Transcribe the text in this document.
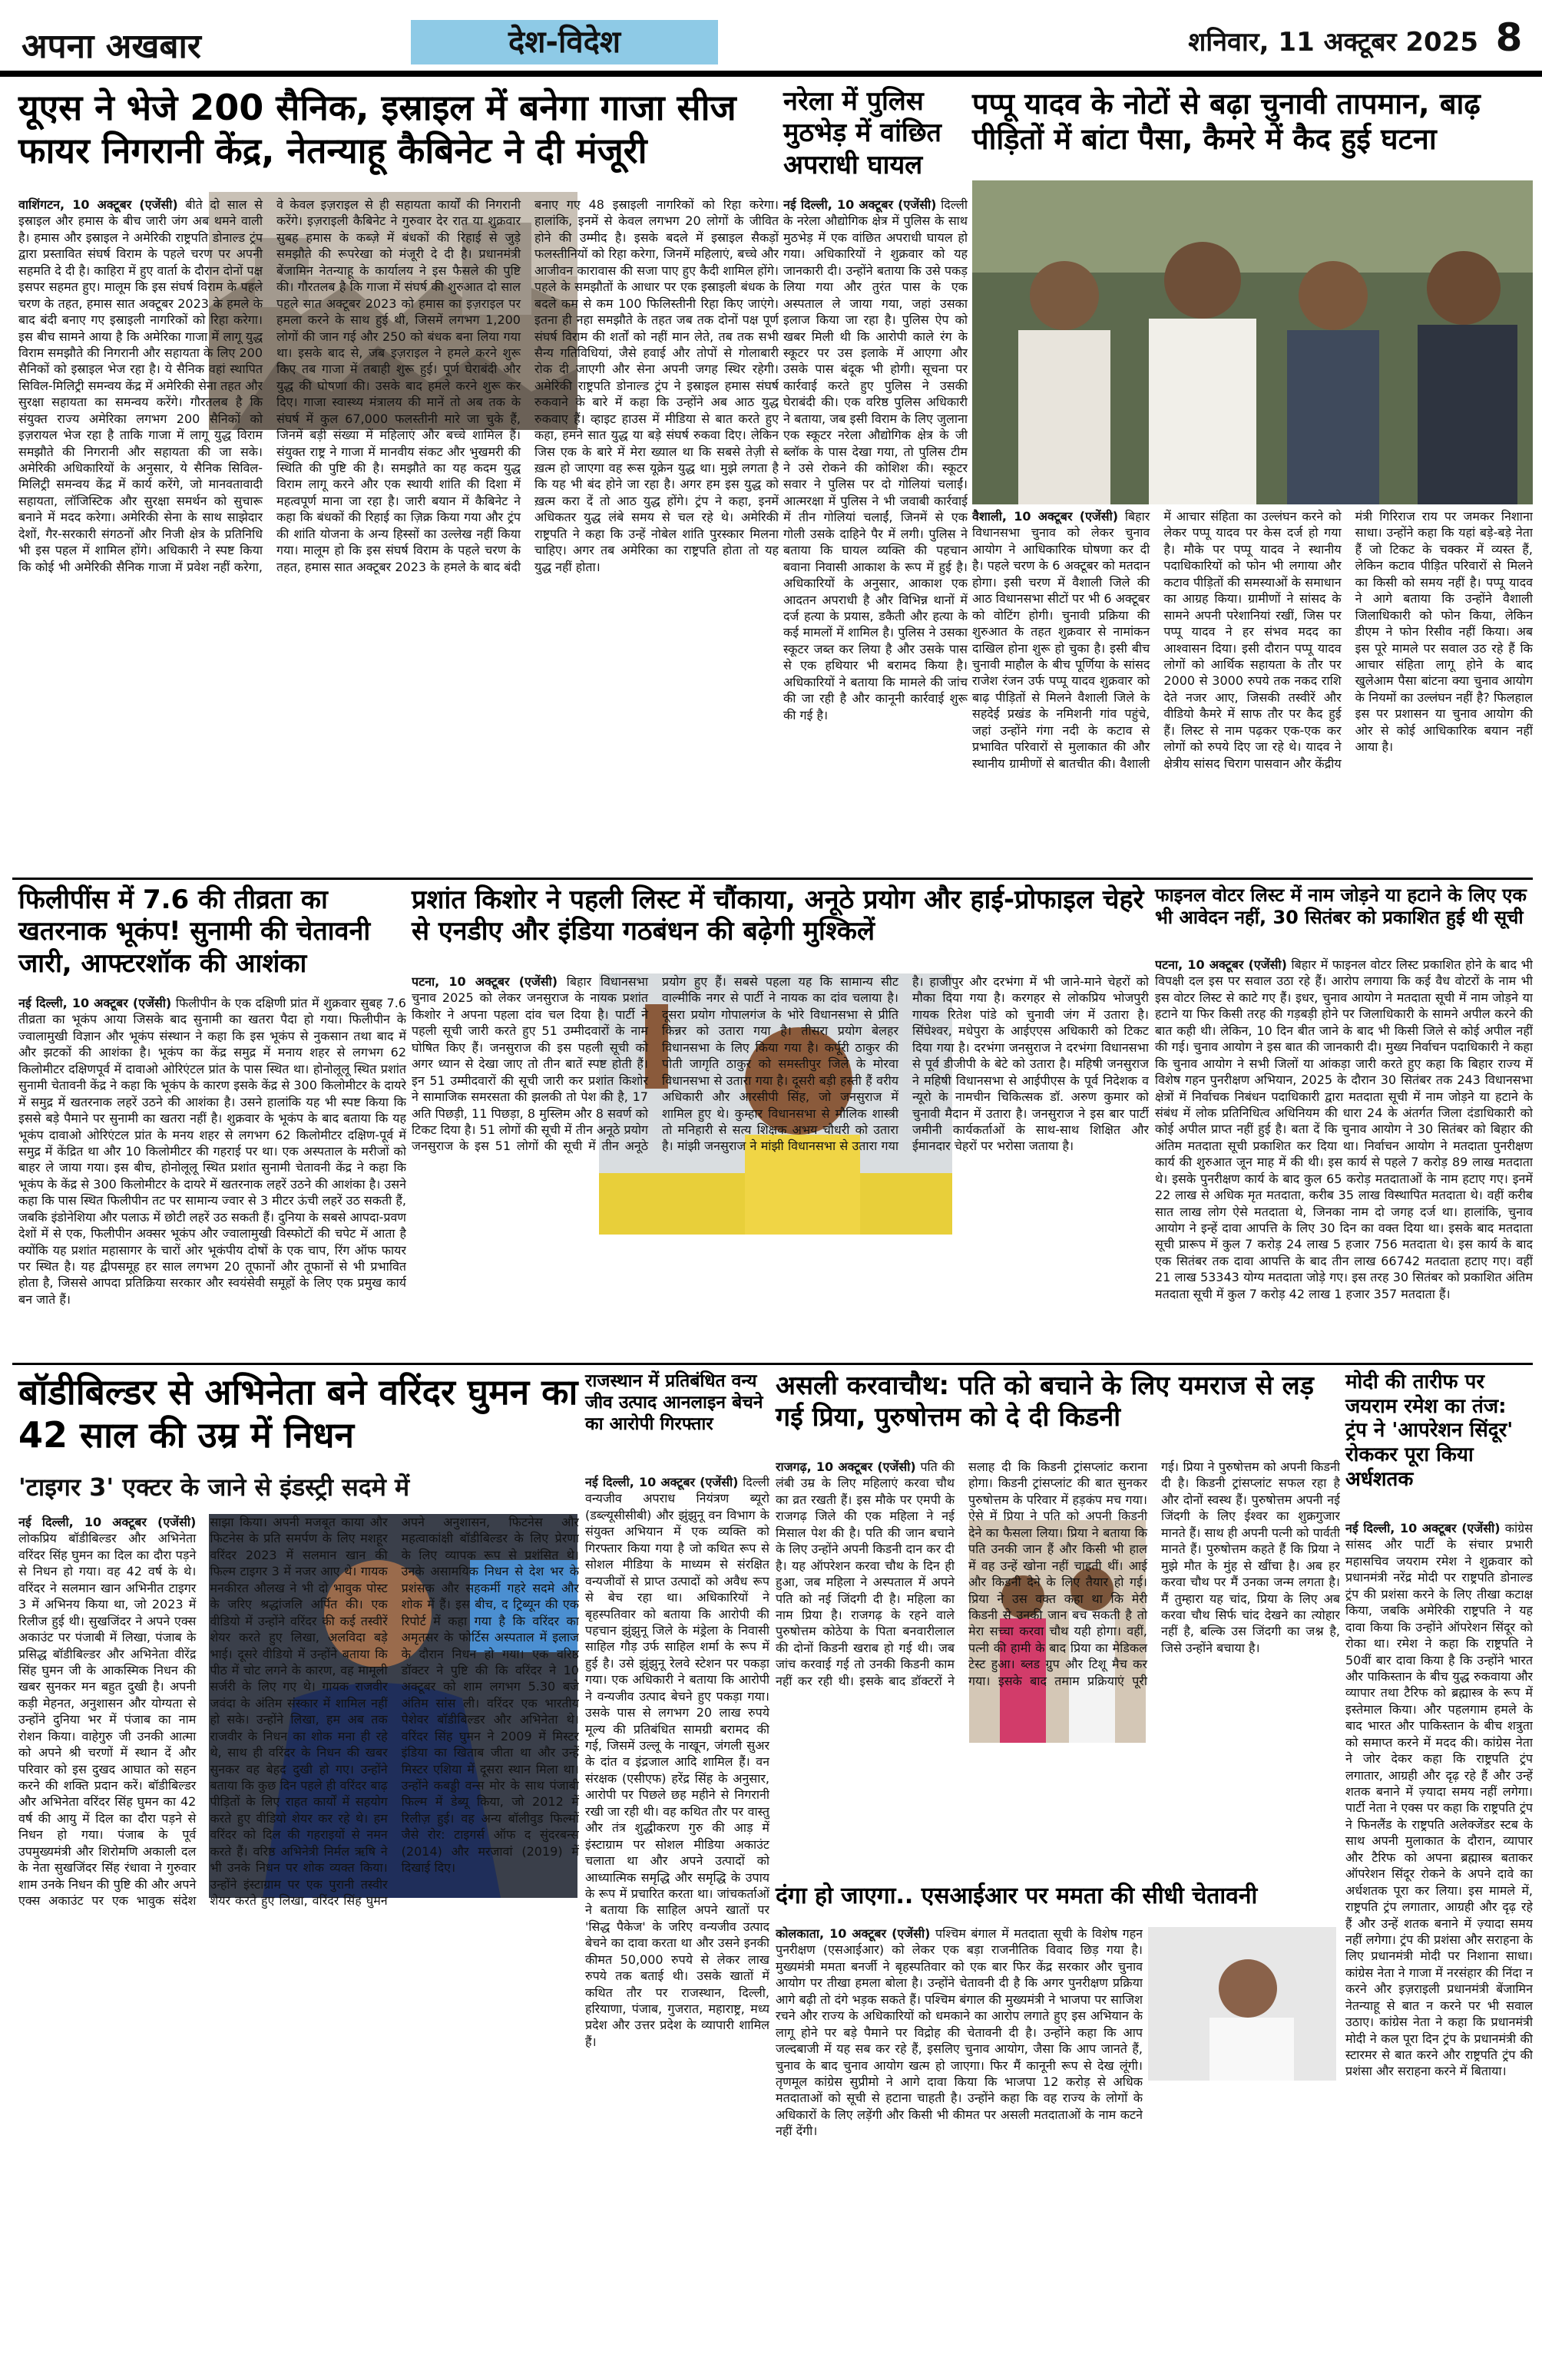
अपना अखबार	देश-विदेश	शनिवार, 11 अक्टूबर 2025 8
यूएस ने भेजे 200 सैनिक, इस्राइल में बनेगा गाजा सीज फायर निगरानी केंद्र, नेतन्याहू कैबिनेट ने दी मंजूरी
वाशिंगटन, 10 अक्टूबर (एजेंसी) बीते दो साल से इस्राइल और हमास के बीच जारी जंग अब थमने वाली है। हमास और इस्राइल ने अमेरिकी राष्ट्रपति डोनाल्ड ट्रंप द्वारा प्रस्तावित संघर्ष विराम के पहले चरण पर अपनी सहमति दे दी है। काहिरा में हुए वार्ता के दौरान दोनों पक्ष इसपर सहमत हुए। मालूम कि इस संघर्ष विराम के पहले चरण के तहत, हमास सात अक्टूबर 2023 के हमले के बाद बंदी बनाए गए इस्राइली नागरिकों को रिहा करेगा। इस बीच सामने आया है कि अमेरिका गाजा में लागू युद्ध विराम समझौते की निगरानी और सहायता के लिए 200 सैनिकों को इस्राइल भेज रहा है। ये सैनिक वहां स्थापित सिविल-मिलिट्री समन्वय केंद्र में अमेरिकी सेना तहत और सुरक्षा सहायता का समन्वय करेंगे। गौरतलब है कि संयुक्त राज्य अमेरिका लगभग 200 सैनिकों को इज़रायल भेज रहा है ताकि गाजा में लागू युद्ध विराम समझौते की निगरानी और सहायता की जा सके। अमेरिकी अधिकारियों के अनुसार, ये सैनिक सिविल-मिलिट्री समन्वय केंद्र में कार्य करेंगे, जो मानवतावादी सहायता, लॉजिस्टिक और सुरक्षा समर्थन को सुचारू बनाने में मदद करेगा। अमेरिकी सेना के साथ साझेदार देशों, गैर-सरकारी संगठनों और निजी क्षेत्र के प्रतिनिधि भी इस पहल में शामिल होंगे। अधिकारी ने स्पष्ट किया कि कोई भी अमेरिकी सैनिक गाजा में प्रवेश नहीं करेगा, वे केवल इज़राइल से ही सहायता कार्यों की निगरानी करेंगे। इज़राइली कैबिनेट ने गुरुवार देर रात या शुक्रवार सुबह हमास के कब्ज़े में बंधकों की रिहाई से जुड़े समझौते की रूपरेखा को मंजूरी दे दी है। प्रधानमंत्री बेंजामिन नेतन्याहू के कार्यालय ने इस फैसले की पुष्टि की। गौरतलब है कि गाजा में संघर्ष की शुरुआत दो साल पहले सात अक्टूबर 2023 को हमास का इज़राइल पर हमला करने के साथ हुई थी, जिसमें लगभग 1,200 लोगों की जान गई और 250 को बंधक बना लिया गया था। इसके बाद से, जब इज़राइल ने हमले करने शुरू किए तब गाजा में तबाही शुरू हुई। पूर्ण घेराबंदी और युद्ध की घोषणा की। उसके बाद हमले करने शुरू कर दिए। गाजा स्वास्थ्य मंत्रालय की मानें तो अब तक के संघर्ष में कुल 67,000 फलस्तीनी मारे जा चुके हैं, जिनमें बड़ी संख्या में महिलाएं और बच्चे शामिल हैं। संयुक्त राष्ट्र ने गाजा में मानवीय संकट और भुखमरी की स्थिति की पुष्टि की है। समझौते का यह कदम युद्ध विराम लागू करने और एक स्थायी शांति की दिशा में महत्वपूर्ण माना जा रहा है। जारी बयान में कैबिनेट ने कहा कि बंधकों की रिहाई का ज़िक्र किया गया और ट्रंप की शांति योजना के अन्य हिस्सों का उल्लेख नहीं किया गया। मालूम हो कि इस संघर्ष विराम के पहले चरण के तहत, हमास सात अक्टूबर 2023 के हमले के बाद बंदी बनाए गए 48 इस्राइली नागरिकों को रिहा करेगा। हालांकि, इनमें से केवल लगभग 20 लोगों के जीवित होने की उम्मीद है। इसके बदले में इस्राइल सैकड़ों फलस्तीनियों को रिहा करेगा, जिनमें महिलाएं, बच्चे और आजीवन कारावास की सजा पाए हुए कैदी शामिल होंगे। पहले के समझौतों के आधार पर एक इस्राइली बंधक के बदले कम से कम 100 फिलिस्तीनी रिहा किए जाएंगे। इतना ही नहा समझौते के तहत जब तक दोनों पक्ष पूर्ण संघर्ष विराम की शर्तों को नहीं मान लेते, तब तक सभी सैन्य गतिविधियां, जैसे हवाई और तोपों से गोलाबारी रोक दी जाएगी और सेना अपनी जगह स्थिर रहेगी। अमेरिकी राष्ट्रपति डोनाल्ड ट्रंप ने इस्राइल हमास संघर्ष रुकवाने के बारे में कहा कि उन्होंने अब आठ युद्ध रुकवाए हैं। व्हाइट हाउस में मीडिया से बात करते हुए कहा, हमने सात युद्ध या बड़े संघर्ष रुकवा दिए। लेकिन जिस एक के बारे में मेरा ख्याल था कि सबसे तेज़ी से ख़त्म हो जाएगा वह रूस यूक्रेन युद्ध था। मुझे लगता है कि यह भी बंद होने जा रहा है। अगर हम इस युद्ध को ख़त्म करा दें तो आठ युद्ध होंगे। ट्रंप ने कहा, इनमें अधिकतर युद्ध लंबे समय से चल रहे थे। अमेरिकी राष्ट्रपति ने कहा कि उन्हें नोबेल शांति पुरस्कार मिलना चाहिए। अगर तब अमेरिका का राष्ट्रपति होता तो यह युद्ध नहीं होता।
नरेला में पुलिस मुठभेड़ में वांछित अपराधी घायल
नई दिल्ली, 10 अक्टूबर (एजेंसी) दिल्ली के नरेला औद्योगिक क्षेत्र में पुलिस के साथ मुठभेड़ में एक वांछित अपराधी घायल हो गया। अधिकारियों ने शुक्रवार को यह जानकारी दी। उन्होंने बताया कि उसे पकड़ लिया गया और तुरंत पास के एक अस्पताल ले जाया गया, जहां उसका इलाज किया जा रहा है। पुलिस ऐप को खबर मिली थी कि आरोपी काले रंग के स्कूटर पर उस इलाके में आएगा और उसके पास बंदूक भी होगी। सूचना पर कार्रवाई करते हुए पुलिस ने उसकी घेराबंदी की। एक वरिष्ठ पुलिस अधिकारी ने बताया, जब इसी विराम के लिए जुलाना एक स्कूटर नरेला औद्योगिक क्षेत्र के जी ब्लॉक के पास देखा गया, तो पुलिस टीम ने उसे रोकने की कोशिश की। स्कूटर सवार ने पुलिस पर दो गोलियां चलाईं। आत्मरक्षा में पुलिस ने भी जवाबी कार्रवाई में तीन गोलियां चलाईं, जिनमें से एक गोली उसके दाहिने पैर में लगी। पुलिस ने बताया कि घायल व्यक्ति की पहचान बवाना निवासी आकाश के रूप में हुई है। अधिकारियों के अनुसार, आकाश एक आदतन अपराधी है और विभिन्न थानों में दर्ज हत्या के प्रयास, डकैती और हत्या के कई मामलों में शामिल है। पुलिस ने उसका स्कूटर जब्त कर लिया है और उसके पास से एक हथियार भी बरामद किया है। अधिकारियों ने बताया कि मामले की जांच की जा रही है और कानूनी कार्रवाई शुरू की गई है।
पप्पू यादव के नोटों से बढ़ा चुनावी तापमान, बाढ़ पीड़ितों में बांटा पैसा, कैमरे में कैद हुई घटना
वैशाली, 10 अक्टूबर (एजेंसी) बिहार विधानसभा चुनाव को लेकर चुनाव आयोग ने आधिकारिक घोषणा कर दी है। पहले चरण के 6 अक्टूबर को मतदान होगा। इसी चरण में वैशाली जिले की आठ विधानसभा सीटों पर भी 6 अक्टूबर को वोटिंग होगी। चुनावी प्रक्रिया की शुरुआत के तहत शुक्रवार से नामांकन दाखिल होना शुरू हो चुका है। इसी बीच चुनावी माहौल के बीच पूर्णिया के सांसद राजेश रंजन उर्फ पप्पू यादव शुक्रवार को बाढ़ पीड़ितों से मिलने वैशाली जिले के सहदेई प्रखंड के नमिशनी गांव पहुंचे, जहां उन्होंने गंगा नदी के कटाव से प्रभावित परिवारों से मुलाकात की और स्थानीय ग्रामीणों से बातचीत की। वैशाली में आचार संहिता का उल्लंघन करने को लेकर पप्पू यादव पर केस दर्ज हो गया है। मौके पर पप्पू यादव ने स्थानीय पदाधिकारियों को फोन भी लगाया और कटाव पीड़ितों की समस्याओं के समाधान का आग्रह किया। ग्रामीणों ने सांसद के सामने अपनी परेशानियां रखीं, जिस पर पप्पू यादव ने हर संभव मदद का आश्वासन दिया। इसी दौरान पप्पू यादव लोगों को आर्थिक सहायता के तौर पर 2000 से 3000 रुपये तक नकद राशि देते नजर आए, जिसकी तस्वीरें और वीडियो कैमरे में साफ तौर पर कैद हुई हैं। लिस्ट से नाम पढ़कर एक-एक कर लोगों को रुपये दिए जा रहे थे। यादव ने क्षेत्रीय सांसद चिराग पासवान और केंद्रीय मंत्री गिरिराज राय पर जमकर निशाना साधा। उन्होंने कहा कि यहां बड़े-बड़े नेता हैं जो टिकट के चक्कर में व्यस्त हैं, लेकिन कटाव पीड़ित परिवारों से मिलने का किसी को समय नहीं है। पप्पू यादव ने आगे बताया कि उन्होंने वैशाली जिलाधिकारी को फोन किया, लेकिन डीएम ने फोन रिसीव नहीं किया। अब इस पूरे मामले पर सवाल उठ रहे हैं कि आचार संहिता लागू होने के बाद खुलेआम पैसा बांटना क्या चुनाव आयोग के नियमों का उल्लंघन नहीं है? फिलहाल इस पर प्रशासन या चुनाव आयोग की ओर से कोई आधिकारिक बयान नहीं आया है।
फिलीपींस में 7.6 की तीव्रता का खतरनाक भूकंप! सुनामी की चेतावनी जारी, आफ्टरशॉक की आशंका
नई दिल्ली, 10 अक्टूबर (एजेंसी) फिलीपीन के एक दक्षिणी प्रांत में शुक्रवार सुबह 7.6 तीव्रता का भूकंप आया जिसके बाद सुनामी का खतरा पैदा हो गया। फिलीपीन के ज्वालामुखी विज्ञान और भूकंप संस्थान ने कहा कि इस भूकंप से नुकसान तथा बाद में और झटकों की आशंका है। भूकंप का केंद्र समुद्र में मनाय शहर से लगभग 62 किलोमीटर दक्षिणपूर्व में दावाओ ओरिएंटल प्रांत के पास स्थित था। होनोलूलू स्थित प्रशांत सुनामी चेतावनी केंद्र ने कहा कि भूकंप के कारण इसके केंद्र से 300 किलोमीटर के दायरे में समुद्र में खतरनाक लहरें उठने की आशंका है। उसने हालांकि यह भी स्पष्ट किया कि इससे बड़े पैमाने पर सुनामी का खतरा नहीं है। शुक्रवार के भूकंप के बाद बताया कि यह भूकंप दावाओ ओरिएंटल प्रांत के मनय शहर से लगभग 62 किलोमीटर दक्षिण-पूर्व में समुद्र में केंद्रित था और 10 किलोमीटर की गहराई पर था। एक अस्पताल के मरीजों को बाहर ले जाया गया। इस बीच, होनोलूलू स्थित प्रशांत सुनामी चेतावनी केंद्र ने कहा कि भूकंप के केंद्र से 300 किलोमीटर के दायरे में खतरनाक लहरें उठने की आशंका है। उसने कहा कि पास स्थित फिलीपीन तट पर सामान्य ज्वार से 3 मीटर ऊंची लहरें उठ सकती हैं, जबकि इंडोनेशिया और पलाऊ में छोटी लहरें उठ सकती हैं। दुनिया के सबसे आपदा-प्रवण देशों में से एक, फिलीपीन अक्सर भूकंप और ज्वालामुखी विस्फोटों की चपेट में आता है क्योंकि यह प्रशांत महासागर के चारों ओर भूकंपीय दोषों के एक चाप, रिंग ऑफ फायर पर स्थित है। यह द्वीपसमूह हर साल लगभग 20 तूफानों और तूफानों से भी प्रभावित होता है, जिससे आपदा प्रतिक्रिया सरकार और स्वयंसेवी समूहों के लिए एक प्रमुख कार्य बन जाते हैं।
प्रशांत किशोर ने पहली लिस्ट में चौंकाया, अनूठे प्रयोग और हाई-प्रोफाइल चेहरे से एनडीए और इंडिया गठबंधन की बढ़ेगी मुश्किलें
पटना, 10 अक्टूबर (एजेंसी) बिहार विधानसभा चुनाव 2025 को लेकर जनसुराज के नायक प्रशांत किशोर ने अपना पहला दांव चल दिया है। पार्टी ने पहली सूची जारी करते हुए 51 उम्मीदवारों के नाम घोषित किए हैं। जनसुराज की इस पहली सूची को अगर ध्यान से देखा जाए तो तीन बातें स्पष्ट होती हैं। इन 51 उम्मीदवारों की सूची जारी कर प्रशांत किशोर ने सामाजिक समरसता की झलकी तो पेश की है, 17 अति पिछड़ी, 11 पिछड़ा, 8 मुस्लिम और 8 सवर्ण को टिकट दिया है। 51 लोगों की सूची में तीन अनूठे प्रयोग जनसुराज के इस 51 लोगों की सूची में तीन अनूठे प्रयोग हुए हैं। सबसे पहला यह कि सामान्य सीट वाल्मीकि नगर से पार्टी ने नायक का दांव चलाया है। दूसरा प्रयोग गोपालगंज के भोरे विधानसभा से प्रीति किन्नर को उतारा गया है। तीसरा प्रयोग बेलहर विधानसभा के लिए किया गया है। कर्पूरी ठाकुर की पोती जागृति ठाकुर को समस्तीपुर जिले के मोरवा विधानसभा से उतारा गया है। दूसरी बड़ी हस्ती हैं वरीय अधिकारी और आरसीपी सिंह, जो जनसुराज में शामिल हुए थे। कुम्हार विधानसभा से मौलिक शास्त्री तो मनिहारी से सत्य शिक्षक अभय चौधरी को उतारा है। मांझी जनसुराज ने मांझी विधानसभा से उतारा गया है। हाजीपुर और दरभंगा में भी जाने-माने चेहरों को मौका दिया गया है। करगहर से लोकप्रिय भोजपुरी गायक रितेश पांडे को चुनावी जंग में उतारा है। सिंघेश्वर, मधेपुरा के आईएएस अधिकारी को टिकट दिया गया है। दरभंगा जनसुराज ने दरभंगा विधानसभा से पूर्व डीजीपी के बेटे को उतारा है। महिषी जनसुराज ने महिषी विधानसभा से आईपीएस के पूर्व निदेशक व न्यूरो के नामचीन चिकित्सक डॉ. अरुण कुमार को चुनावी मैदान में उतारा है। जनसुराज ने इस बार पार्टी जमीनी कार्यकर्ताओं के साथ-साथ शिक्षित और ईमानदार चेहरों पर भरोसा जताया है।
फाइनल वोटर लिस्ट में नाम जोड़ने या हटाने के लिए एक भी आवेदन नहीं, 30 सितंबर को प्रकाशित हुई थी सूची
पटना, 10 अक्टूबर (एजेंसी) बिहार में फाइनल वोटर लिस्ट प्रकाशित होने के बाद भी विपक्षी दल इस पर सवाल उठा रहे हैं। आरोप लगाया कि कई वैध वोटरों के नाम भी इस वोटर लिस्ट से काटे गए हैं। इधर, चुनाव आयोग ने मतदाता सूची में नाम जोड़ने या हटाने या फिर किसी तरह की गड़बड़ी होने पर जिलाधिकारी के सामने अपील करने की बात कही थी। लेकिन, 10 दिन बीत जाने के बाद भी किसी जिले से कोई अपील नहीं की गई। चुनाव आयोग ने इस बात की जानकारी दी। मुख्य निर्वाचन पदाधिकारी ने कहा कि चुनाव आयोग ने सभी जिलों या आंकड़ा जारी करते हुए कहा कि बिहार राज्य में विशेष गहन पुनरीक्षण अभियान, 2025 के दौरान 30 सितंबर तक 243 विधानसभा क्षेत्रों में निर्वाचक निबंधन पदाधिकारी द्वारा मतदाता सूची में नाम जोड़ने या हटाने के संबंध में लोक प्रतिनिधित्व अधिनियम की धारा 24 के अंतर्गत जिला दंडाधिकारी को कोई अपील प्राप्त नहीं हुई है। बता दें कि चुनाव आयोग ने 30 सितंबर को बिहार की अंतिम मतदाता सूची प्रकाशित कर दिया था। निर्वाचन आयोग ने मतदाता पुनरीक्षण कार्य की शुरुआत जून माह में की थी। इस कार्य से पहले 7 करोड़ 89 लाख मतदाता थे। इसके पुनरीक्षण कार्य के बाद कुल 65 करोड़ मतदाताओं के नाम हटाए गए। इनमें 22 लाख से अधिक मृत मतदाता, करीब 35 लाख विस्थापित मतदाता थे। वहीं करीब सात लाख लोग ऐसे मतदाता थे, जिनका नाम दो जगह दर्ज था। हालांकि, चुनाव आयोग ने इन्हें दावा आपत्ति के लिए 30 दिन का वक्त दिया था। इसके बाद मतदाता सूची प्रारूप में कुल 7 करोड़ 24 लाख 5 हजार 756 मतदाता थे। इस कार्य के बाद एक सितंबर तक दावा आपत्ति के बाद तीन लाख 66742 मतदाता हटाए गए। वहीं 21 लाख 53343 योग्य मतदाता जोड़े गए। इस तरह 30 सितंबर को प्रकाशित अंतिम मतदाता सूची में कुल 7 करोड़ 42 लाख 1 हजार 357 मतदाता हैं।
बॉडीबिल्डर से अभिनेता बने वरिंदर घुमन का 42 साल की उम्र में निधन
'टाइगर 3' एक्टर के जाने से इंडस्ट्री सदमे में
नई दिल्ली, 10 अक्टूबर (एजेंसी) लोकप्रिय बॉडीबिल्डर और अभिनेता वरिंदर सिंह घुमन का दिल का दौरा पड़ने से निधन हो गया। वह 42 वर्ष के थे। वरिंदर ने सलमान खान अभिनीत टाइगर 3 में अभिनय किया था, जो 2023 में रिलीज हुई थी। सुखजिंदर ने अपने एक्स अकाउंट पर पंजाबी में लिखा, पंजाब के प्रसिद्ध बॉडीबिल्डर और अभिनेता वीरेंद्र सिंह घुमन जी के आकस्मिक निधन की खबर सुनकर मन बहुत दुखी है। अपनी कड़ी मेहनत, अनुशासन और योग्यता से उन्होंने दुनिया भर में पंजाब का नाम रोशन किया। वाहेगुरु जी उनकी आत्मा को अपने श्री चरणों में स्थान दें और परिवार को इस दुखद आघात को सहन करने की शक्ति प्रदान करें। बॉडीबिल्डर और अभिनेता वरिंदर सिंह घुमन का 42 वर्ष की आयु में दिल का दौरा पड़ने से निधन हो गया। पंजाब के पूर्व उपमुख्यमंत्री और शिरोमणि अकाली दल के नेता सुखजिंदर सिंह रंधावा ने गुरुवार शाम उनके निधन की पुष्टि की और अपने एक्स अकाउंट पर एक भावुक संदेश साझा किया। अपनी मजबूत काया और फिटनेस के प्रति समर्पण के लिए मशहूर वरिंदर 2023 में सलमान खान की फिल्म टाइगर 3 में नजर आए थे। गायक मनकीरत औलख ने भी दो भावुक पोस्ट के जरिए श्रद्धांजलि अर्पित की। एक वीडियो में उन्होंने वरिंदर की कई तस्वीरें शेयर करते हुए लिखा, अलविदा बड़े भाई। दूसरे वीडियो में उन्होंने बताया कि पीठ में चोट लगने के कारण, वह मामूली सर्जरी के लिए गए थे। गायक राजवीर जवंदा के अंतिम संस्कार में शामिल नहीं हो सके। उन्होंने लिखा, हम अब तक राजवीर के निधन का शोक मना ही रहे थे, साथ ही वरिंदर के निधन की खबर सुनकर वह बेहद दुखी हो गए। उन्होंने बताया कि कुछ दिन पहले ही वरिंदर बाढ़ पीड़ितों के लिए राहत कार्यों में सहयोग करते हुए वीडियो शेयर कर रहे थे। हम वरिंदर को दिल की गहराइयों से नमन करते हैं। वरिष्ठ अभिनेत्री निर्मल ऋषि ने भी उनके निधन पर शोक व्यक्त किया। उन्होंने इंस्टाग्राम पर एक पुरानी तस्वीर शेयर करते हुए लिखा, वरिंदर सिंह घुमन अपने अनुशासन, फिटनेस और महत्वाकांक्षी बॉडीबिल्डर के लिए प्रेरणा के लिए व्यापक रूप से प्रशंसित थे। उनके असामयिक निधन से देश भर के प्रशंसक और सहकर्मी गहरे सदमे और शोक में हैं। इस बीच, द ट्रिब्यून की एक रिपोर्ट में कहा गया है कि वरिंदर का अमृतसर के फोर्टिस अस्पताल में इलाज के दौरान निधन हो गया। एक वरिष्ठ डॉक्टर ने पुष्टि की कि वरिंदर ने 10 अक्टूबर को शाम लगभग 5.30 बजे अंतिम सांस ली। वरिंदर एक भारतीय पेशेवर बॉडीबिल्डर और अभिनेता थे। वरिंदर सिंह घुमन ने 2009 में मिस्टर इंडिया का खिताब जीता था और उन्हें मिस्टर एशिया में दूसरा स्थान मिला था। उन्होंने कबड्डी वन्स मोर के साथ पंजाबी फिल्म में डेब्यू किया, जो 2012 में रिलीज़ हुई। वह अन्य बॉलीवुड फिल्मों जैसे रोर: टाइगर्स ऑफ द सुंदरबन्स (2014) और मरजावां (2019) में दिखाई दिए।
राजस्थान में प्रतिबंधित वन्य जीव उत्पाद आनलाइन बेचने का आरोपी गिरफ्तार
नई दिल्ली, 10 अक्टूबर (एजेंसी) दिल्ली वन्यजीव अपराध नियंत्रण ब्यूरो (डब्ल्यूसीसीबी) और झुंझुनू वन विभाग के संयुक्त अभियान में एक व्यक्ति को गिरफ्तार किया गया है जो कथित रूप से सोशल मीडिया के माध्यम से संरक्षित वन्यजीवों से प्राप्त उत्पादों को अवैध रूप से बेच रहा था। अधिकारियों ने बृहस्पतिवार को बताया कि आरोपी की पहचान झुंझुनू जिले के मंड्रेला के निवासी साहिल गौड़ उर्फ साहिल शर्मा के रूप में हुई है। उसे झुंझुनू रेलवे स्टेशन पर पकड़ा गया। एक अधिकारी ने बताया कि आरोपी ने वन्यजीव उत्पाद बेचने हुए पकड़ा गया। उसके पास से लगभग 20 लाख रुपये मूल्य की प्रतिबंधित सामग्री बरामद की गई, जिसमें उल्लू के नाखून, जंगली सुअर के दांत व इंद्रजाल आदि शामिल हैं। वन संरक्षक (एसीएफ) हरेंद्र सिंह के अनुसार, आरोपी पर पिछले छह महीने से निगरानी रखी जा रही थी। वह कथित तौर पर वास्तु और तंत्र शुद्धीकरण गुरु की आड़ में इंस्टाग्राम पर सोशल मीडिया अकाउंट चलाता था और अपने उत्पादों को आध्यात्मिक समृद्धि और समृद्धि के उपाय के रूप में प्रचारित करता था। जांचकर्ताओं ने बताया कि साहिल अपने खातों पर 'सिद्ध पैकेज' के जरिए वन्यजीव उत्पाद बेचने का दावा करता था और उसने इनकी कीमत 50,000 रुपये से लेकर लाख रुपये तक बताई थी। उसके खातों में कथित तौर पर राजस्थान, दिल्ली, हरियाणा, पंजाब, गुजरात, महाराष्ट्र, मध्य प्रदेश और उत्तर प्रदेश के व्यापारी शामिल हैं।
असली करवाचौथ: पति को बचाने के लिए यमराज से लड़ गई प्रिया, पुरुषोत्तम को दे दी किडनी
राजगढ़, 10 अक्टूबर (एजेंसी) पति की लंबी उम्र के लिए महिलाएं करवा चौथ का व्रत रखती हैं। इस मौके पर एमपी के राजगढ़ जिले की एक महिला ने नई मिसाल पेश की है। पति की जान बचाने के लिए उन्होंने अपनी किडनी दान कर दी है। यह ऑपरेशन करवा चौथ के दिन ही हुआ, जब महिला ने अस्पताल में अपने पति को नई जिंदगी दी है। महिला का नाम प्रिया है। राजगढ़ के रहने वाले पुरुषोत्तम कोठेया के पिता बनवारीलाल की दोनों किडनी खराब हो गई थी। जब जांच करवाई गई तो उनकी किडनी काम नहीं कर रही थी। इसके बाद डॉक्टरों ने सलाह दी कि किडनी ट्रांसप्लांट कराना होगा। किडनी ट्रांसप्लांट की बात सुनकर पुरुषोत्तम के परिवार में हड़कंप मच गया। ऐसे में प्रिया ने पति को अपनी किडनी देने का फैसला लिया। प्रिया ने बताया कि पति उनकी जान हैं और किसी भी हाल में वह उन्हें खोना नहीं चाहती थीं। आई और किडनी देने के लिए तैयार हो गई। प्रिया ने उस वक्त कहा था कि मेरी किडनी से उनकी जान बच सकती है तो मेरा सच्चा करवा चौथ यही होगा। वहीं, पत्नी की हामी के बाद प्रिया का मेडिकल टेस्ट हुआ। ब्लड ग्रुप और टिशू मैच कर गया। इसके बाद तमाम प्रक्रियाएं पूरी गई। प्रिया ने पुरुषोत्तम को अपनी किडनी दी है। किडनी ट्रांसप्लांट सफल रहा है और दोनों स्वस्थ हैं। पुरुषोत्तम अपनी नई जिंदगी के लिए ईश्वर का शुक्रगुजार मानते हैं। साथ ही अपनी पत्नी को पार्वती मानते हैं। पुरुषोत्तम कहते हैं कि प्रिया ने मुझे मौत के मुंह से खींचा है। अब हर करवा चौथ पर मैं उनका जन्म लगता है। मैं तुम्हारा यह चांद, प्रिया के लिए अब करवा चौथ सिर्फ चांद देखने का त्योहार नहीं है, बल्कि उस जिंदगी का जश्न है, जिसे उन्होंने बचाया है।
दंगा हो जाएगा.. एसआईआर पर ममता की सीधी चेतावनी
कोलकाता, 10 अक्टूबर (एजेंसी) पश्चिम बंगाल में मतदाता सूची के विशेष गहन पुनरीक्षण (एसआईआर) को लेकर एक बड़ा राजनीतिक विवाद छिड़ गया है। मुख्यमंत्री ममता बनर्जी ने बृहस्पतिवार को एक बार फिर केंद्र सरकार और चुनाव आयोग पर तीखा हमला बोला है। उन्होंने चेतावनी दी है कि अगर पुनरीक्षण प्रक्रिया आगे बढ़ी तो दंगे भड़क सकते हैं। पश्चिम बंगाल की मुख्यमंत्री ने भाजपा पर साजिश रचने और राज्य के अधिकारियों को धमकाने का आरोप लगाते हुए इस अभियान के लागू होने पर बड़े पैमाने पर विद्रोह की चेतावनी दी है। उन्होंने कहा कि आप जल्दबाजी में यह सब कर रहे हैं, इसलिए चुनाव आयोग, जैसा कि आप जानते हैं, चुनाव के बाद चुनाव आयोग खत्म हो जाएगा। फिर मैं कानूनी रूप से देख लूंगी। तृणमूल कांग्रेस सुप्रीमो ने आगे दावा किया कि भाजपा 12 करोड़ से अधिक मतदाताओं को सूची से हटाना चाहती है। उन्होंने कहा कि वह राज्य के लोगों के अधिकारों के लिए लड़ेंगी और किसी भी कीमत पर असली मतदाताओं के नाम कटने नहीं देंगी।
मोदी की तारीफ पर जयराम रमेश का तंज: ट्रंप ने 'आपरेशन सिंदूर' रोककर पूरा किया अर्धशतक
नई दिल्ली, 10 अक्टूबर (एजेंसी) कांग्रेस सांसद और पार्टी के संचार प्रभारी महासचिव जयराम रमेश ने शुक्रवार को प्रधानमंत्री नरेंद्र मोदी पर राष्ट्रपति डोनाल्ड ट्रंप की प्रशंसा करने के लिए तीखा कटाक्ष किया, जबकि अमेरिकी राष्ट्रपति ने यह दावा किया कि उन्होंने ऑपरेशन सिंदूर को रोका था। रमेश ने कहा कि राष्ट्रपति ने 50वीं बार दावा किया है कि उन्होंने भारत और पाकिस्तान के बीच युद्ध रुकवाया और व्यापार तथा टैरिफ को ब्रह्मास्त्र के रूप में इस्तेमाल किया। और पहलगाम हमले के बाद भारत और पाकिस्तान के बीच शत्रुता को समाप्त करने में मदद की। कांग्रेस नेता ने जोर देकर कहा कि राष्ट्रपति ट्रंप लगातार, आग्रही और दृढ़ रहे हैं और उन्हें शतक बनाने में ज़्यादा समय नहीं लगेगा। पार्टी नेता ने एक्स पर कहा कि राष्ट्रपति ट्रंप ने फिनलैंड के राष्ट्रपति अलेक्जेंडर स्टब के साथ अपनी मुलाकात के दौरान, व्यापार और टैरिफ को अपना ब्रह्मास्त्र बताकर ऑपरेशन सिंदूर रोकने के अपने दावे का अर्धशतक पूरा कर लिया। इस मामले में, राष्ट्रपति ट्रंप लगातार, आग्रही और दृढ़ रहे हैं और उन्हें शतक बनाने में ज़्यादा समय नहीं लगेगा। ट्रंप की प्रशंसा और सराहना के लिए प्रधानमंत्री मोदी पर निशाना साधा। कांग्रेस नेता ने गाजा में नरसंहार की निंदा न करने और इज़राइली प्रधानमंत्री बेंजामिन नेतन्याहू से बात न करने पर भी सवाल उठाए। कांग्रेस नेता ने कहा कि प्रधानमंत्री मोदी ने कल पूरा दिन ट्रंप के प्रधानमंत्री की स्टारमर से बात करने और राष्ट्रपति ट्रंप की प्रशंसा और सराहना करने में बिताया।
